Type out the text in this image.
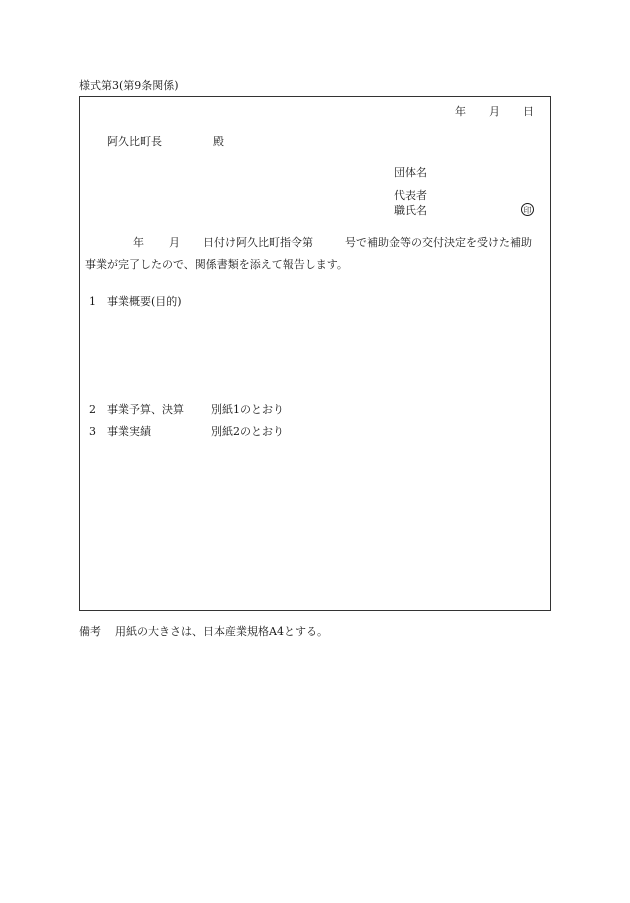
様式第3(第9条関係)
年 月 日
阿久比町長	殿
団体名
代表者
職氏名	印
年 月 日付け阿久比町指令第	号で補助金等の交付決定を受けた補助
事業が完了したので、関係書類を添えて報告します。
1 事業概要(目的)
2 事業予算、決算 別紙1のとおり
3 事業実績	別紙2のとおり
備考 用紙の大きさは、日本産業規格A4とする。
